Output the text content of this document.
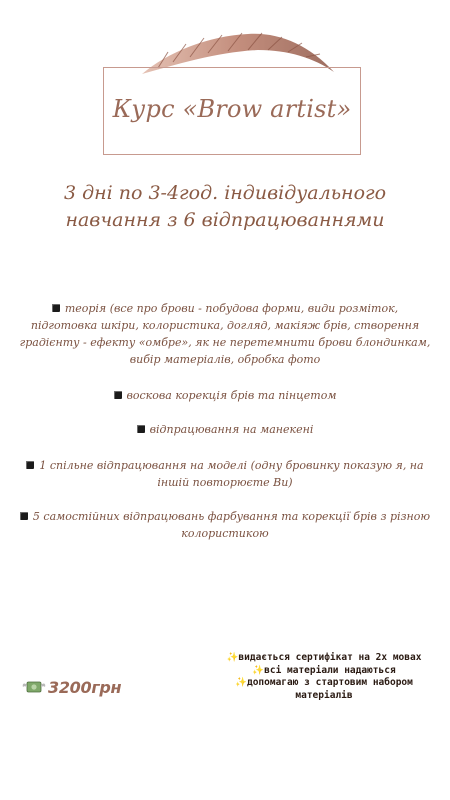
Курс «Brow artist»
3 дні по 3-4год. індивідуального навчання з 6 відпрацюваннями
теорія (все про брови - побудова форми, види розміток, підготовка шкіри, колористика, догляд, макіяж брів, створення градієнту - ефекту «омбре», як не перетемнити брови блондинкам, вибір матеріалів, обробка фото
воскова корекція брів та пінцетом
відпрацювання на манекені
1 спільне відпрацювання на моделі (одну бровинку показую я, на іншій повторюєте Ви)
5 самостійних відпрацювань фарбування та корекції брів з різною колористикою
✨видається сертифікат на 2х мовах
✨всі матеріали надаються
✨допомагаю з стартовим набором матеріалів
3200грн
